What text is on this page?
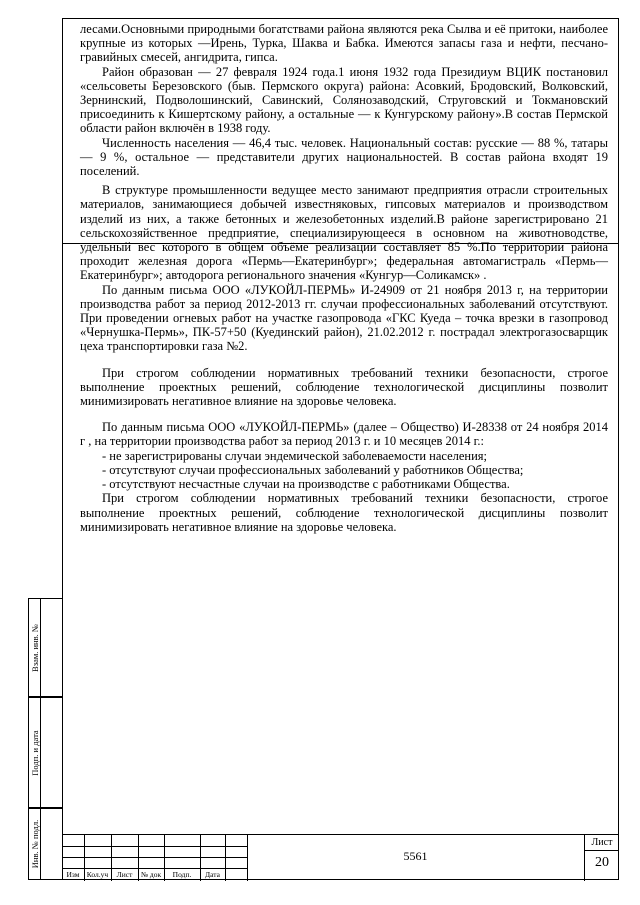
лесами.Основными природными богатствами района являются река Сылва и её притоки, наиболее крупные из которых —Ирень, Турка, Шаква и Бабка. Имеются запасы газа и нефти, песчано-гравийных смесей, ангидрита, гипса.

Район образован — 27 февраля 1924 года.1 июня 1932 года Президиум ВЦИК постановил «сельсоветы Березовского (быв. Пермского округа) района: Асовкий, Бродовский, Волковский, Зернинский, Подволошинский, Савинский, Солянозаводский, Струговский и Токмановский присоединить к Кишертскому району, а остальные — к Кунгурскому району».В состав Пермской области район включён в 1938 году.

Численность населения — 46,4 тыс. человек. Национальный состав: русские — 88 %, татары — 9 %, остальное — представители других национальностей. В состав района входят 19 поселений.

В структуре промышленности ведущее место занимают предприятия отрасли строительных материалов, занимающиеся добычей известняковых, гипсовых материалов и производством изделий из них, а также бетонных и железобетонных изделий.В районе зарегистрировано 21 сельскохозяйственное предприятие, специализирующееся в основном на животноводстве, удельный вес которого в общем объёме реализации составляет 85 %.По территории района проходит железная дорога «Пермь—Екатеринбург»; федеральная автомагистраль «Пермь—Екатеринбург»; автодорога регионального значения «Кунгур—Соликамск» .

По данным письма ООО «ЛУКОЙЛ-ПЕРМЬ» И-24909 от 21 ноября 2013 г, на территории производства работ за период 2012-2013 гг. случаи профессиональных заболеваний отсутствуют. При проведении огневых работ на участке газопровода «ГКС Куеда – точка врезки в газопровод «Чернушка-Пермь», ПК-57+50 (Куединский район), 21.02.2012 г. пострадал электрогазосварщик цеха транспортировки газа №2.

При строгом соблюдении нормативных требований техники безопасности, строгое выполнение проектных решений, соблюдение технологической дисциплины позволит минимизировать негативное влияние на здоровье человека.

По данным письма ООО «ЛУКОЙЛ-ПЕРМЬ» (далее – Общество) И-28338 от 24 ноября 2014 г , на территории производства работ за период 2013 г. и 10 месяцев 2014 г.:

- не зарегистрированы случаи эндемической заболеваемости населения;

- отсутствуют случаи профессиональных заболеваний у работников Общества;

- отсутствуют несчастные случаи на производстве с работниками Общества.

При строгом соблюдении нормативных требований техники безопасности, строгое выполнение проектных решений, соблюдение технологической дисциплины позволит минимизировать негативное влияние на здоровье человека.

Взам. инв. №
Подп. и дата
Инв. № подл.
Изм Кол.уч	Лист	№ док	Подп.	Дата
5561
Лист
20
